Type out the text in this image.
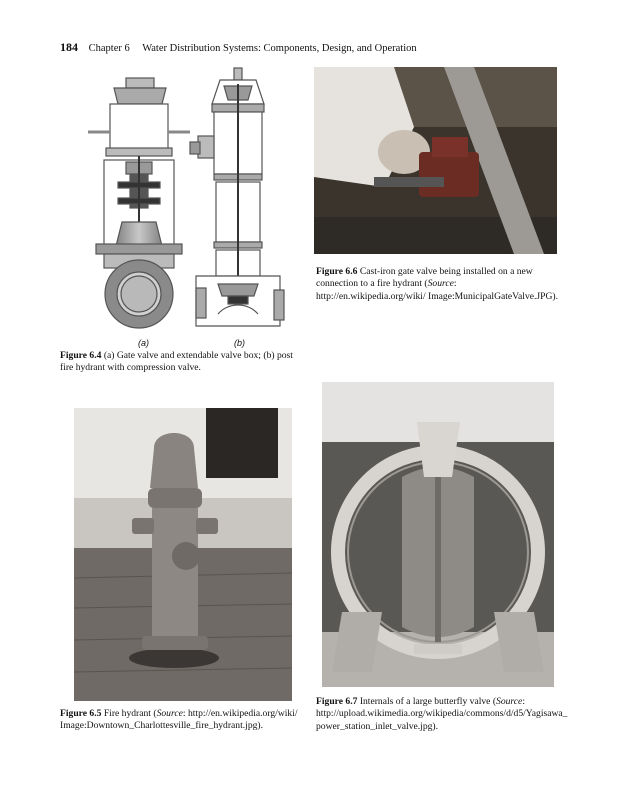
184 Chapter 6 Water Distribution Systems: Components, Design, and Operation
(a)	(b)
Figure 6.4 (a) Gate valve and extendable valve box; (b) post fire hydrant with compression valve.
Figure 6.6 Cast-iron gate valve being installed on a new connection to a fire hydrant (Source: http://en.wikipedia.org/wiki/ Image:MunicipalGateValve.JPG).
Figure 6.5 Fire hydrant (Source: http://en.wikipedia.org/wiki/ Image:Downtown_Charlottesville_fire_hydrant.jpg).
Figure 6.7 Internals of a large butterfly valve (Source: http://upload.wikimedia.org/wikipedia/commons/d/d5/Yagisawa_ power_station_inlet_valve.jpg).
